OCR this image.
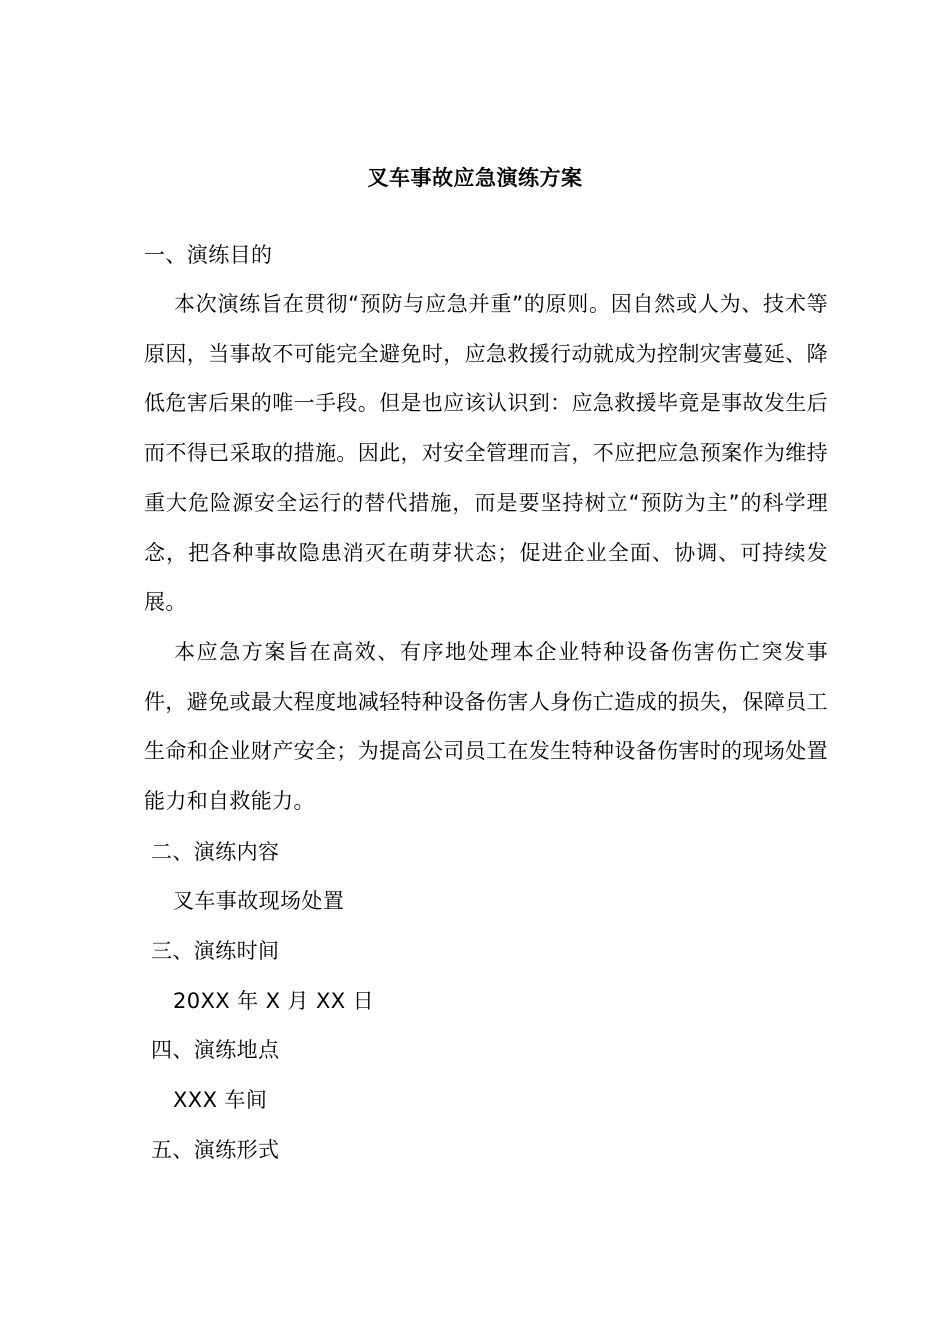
叉车事故应急演练方案
一、演练目的
本次演练旨在贯彻“预防与应急并重”的原则。因自然或人为、技术等原因，当事故不可能完全避免时，应急救援行动就成为控制灾害蔓延、降低危害后果的唯一手段。但是也应该认识到：应急救援毕竟是事故发生后而不得已采取的措施。因此，对安全管理而言，不应把应急预案作为维持重大危险源安全运行的替代措施，而是要坚持树立“预防为主”的科学理念，把各种事故隐患消灭在萌芽状态；促进企业全面、协调、可持续发展。
本应急方案旨在高效、有序地处理本企业特种设备伤害伤亡突发事件，避免或最大程度地减轻特种设备伤害人身伤亡造成的损失，保障员工生命和企业财产安全；为提高公司员工在发生特种设备伤害时的现场处置能力和自救能力。
二、演练内容
叉车事故现场处置
三、演练时间
20XX 年 X 月 XX 日
四、演练地点
XXX 车间
五、演练形式
